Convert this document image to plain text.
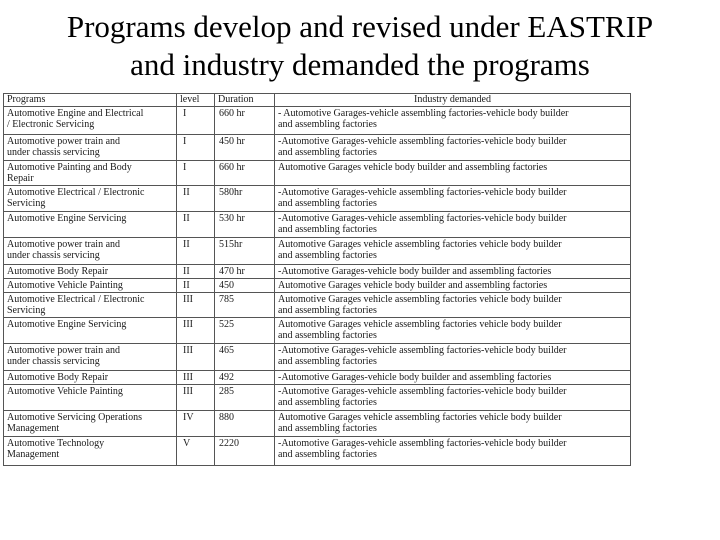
Programs develop and revised under EASTRIP
and industry demanded the programs
Programs	level	Duration	Industry demanded
Automotive Engine and Electrical
/ Electronic Servicing	I	660 hr	- Automotive Garages-vehicle assembling factories-vehicle body builder
and assembling factories
Automotive power train and
under chassis servicing	I	450 hr	-Automotive Garages-vehicle assembling factories-vehicle body builder
and assembling factories
Automotive Painting and Body
Repair	I	660 hr	Automotive Garages vehicle body builder and assembling factories
Automotive Electrical / Electronic
Servicing	II	580hr	-Automotive Garages-vehicle assembling factories-vehicle body builder
and assembling factories
Automotive Engine Servicing	II	530 hr	-Automotive Garages-vehicle assembling factories-vehicle body builder
and assembling factories
Automotive power train and
under chassis servicing	II	515hr	Automotive Garages vehicle assembling factories vehicle body builder
and assembling factories
Automotive Body Repair	II	470 hr	-Automotive Garages-vehicle body builder and assembling factories
Automotive Vehicle Painting	II	450	Automotive Garages vehicle body builder and assembling factories
Automotive Electrical / Electronic
Servicing	III	785	Automotive Garages vehicle assembling factories vehicle body builder
and assembling factories
Automotive Engine Servicing	III	525	Automotive Garages vehicle assembling factories vehicle body builder
and assembling factories
Automotive power train and
under chassis servicing	III	465	-Automotive Garages-vehicle assembling factories-vehicle body builder
and assembling factories
Automotive Body Repair	III	492	-Automotive Garages-vehicle body builder and assembling factories
Automotive Vehicle Painting	III	285	-Automotive Garages-vehicle assembling factories-vehicle body builder
and assembling factories
Automotive Servicing Operations
Management	IV	880	Automotive Garages vehicle assembling factories vehicle body builder
and assembling factories
Automotive Technology
Management	V	2220	-Automotive Garages-vehicle assembling factories-vehicle body builder
and assembling factories
